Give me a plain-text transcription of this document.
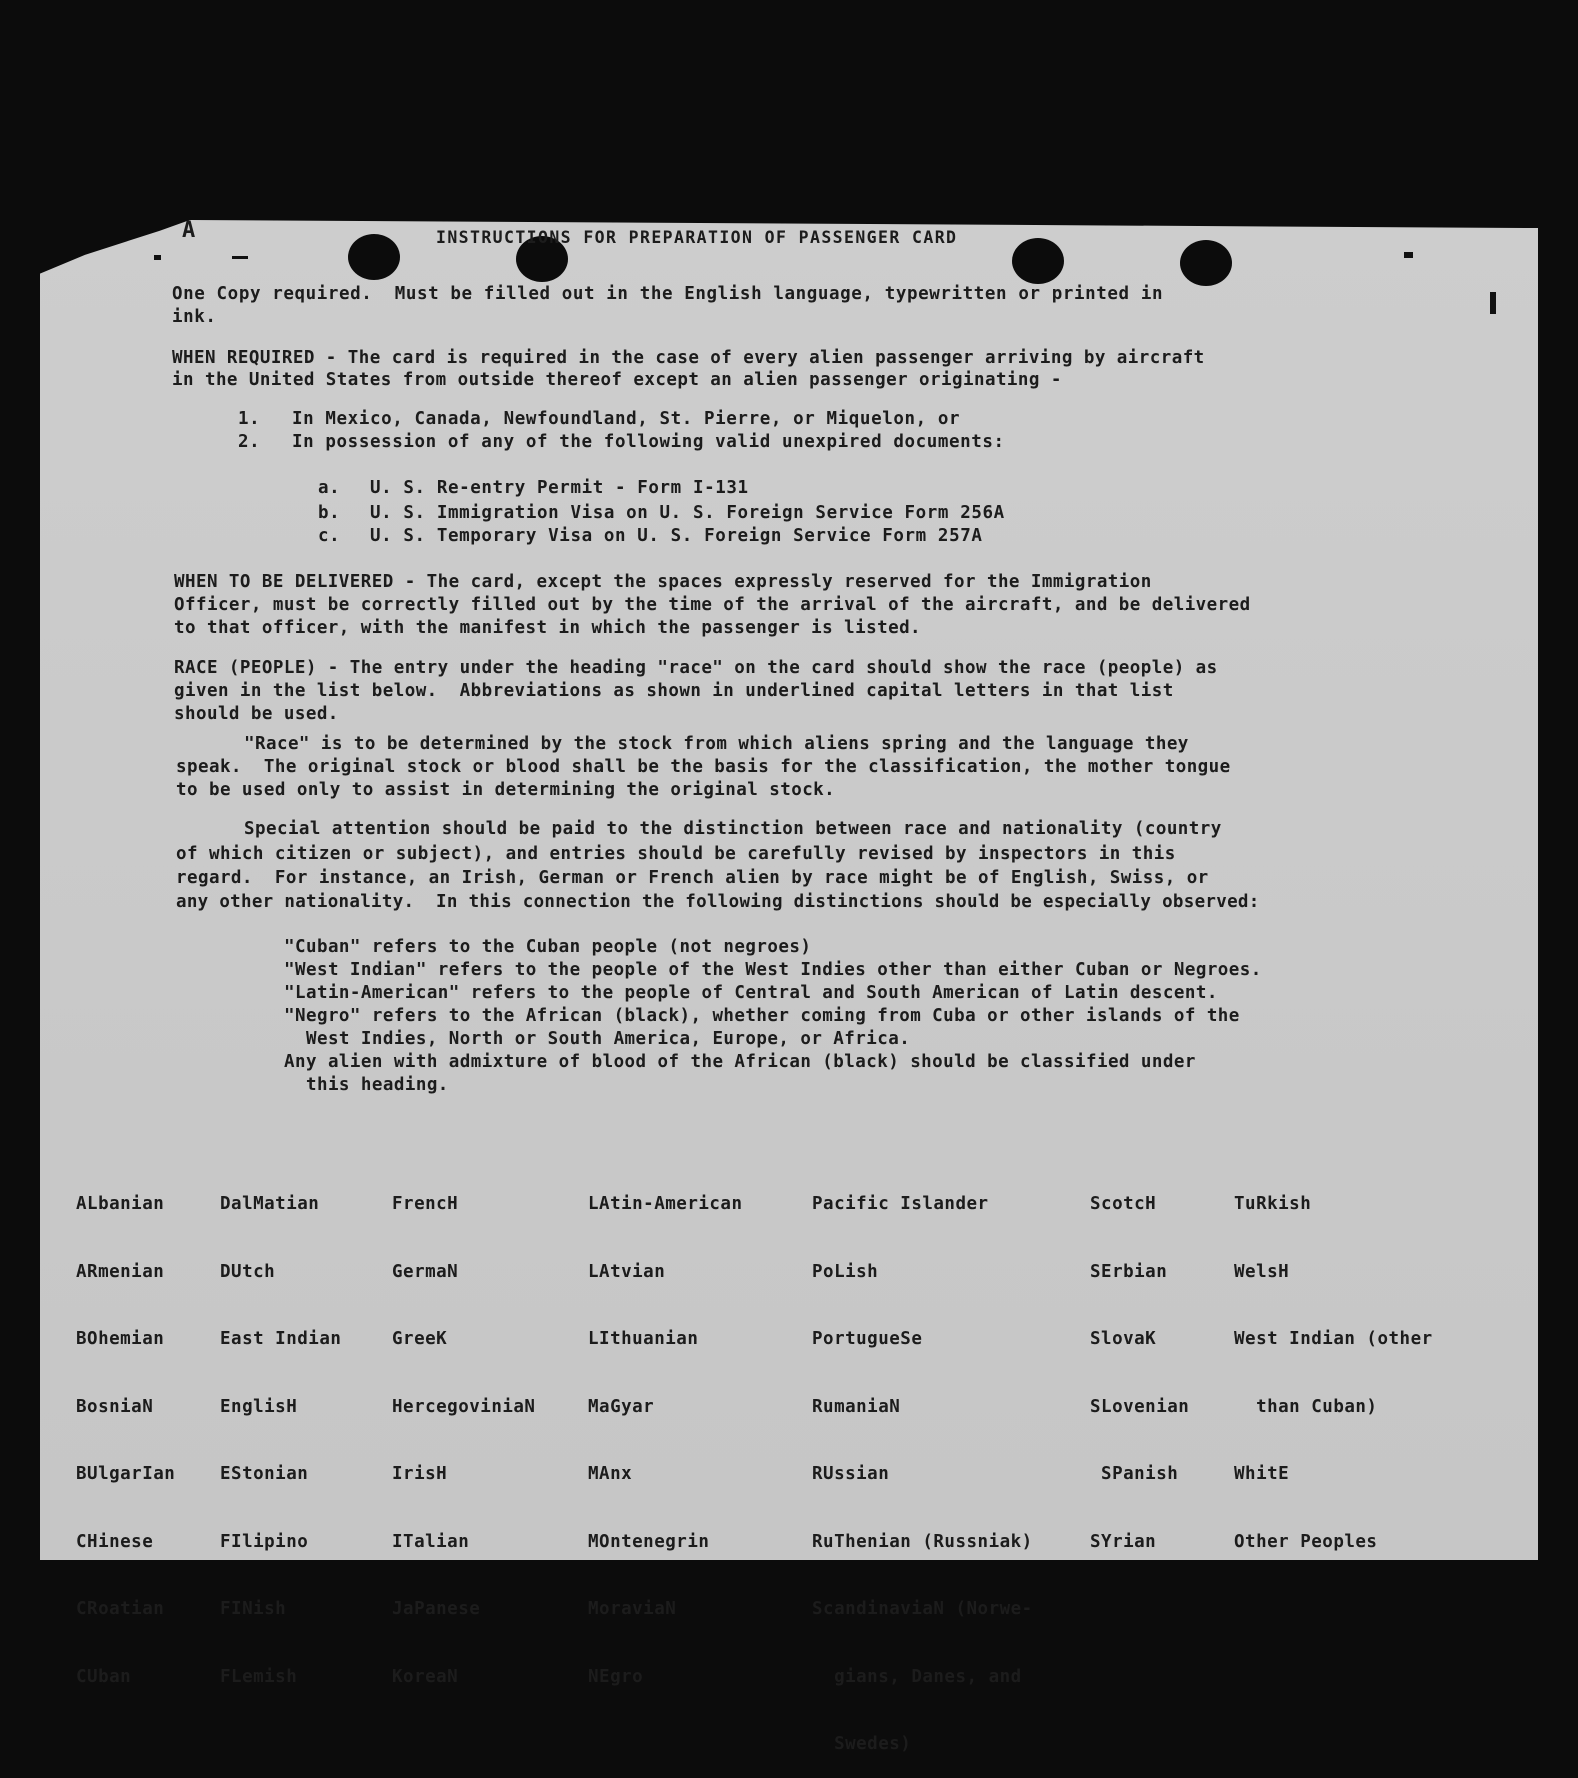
A	INSTRUCTIONS FOR PREPARATION OF PASSENGER CARD
One Copy required.  Must be filled out in the English language, typewritten or printed in
ink.
WHEN REQUIRED - The card is required in the case of every alien passenger arriving by aircraft
in the United States from outside thereof except an alien passenger originating -
1. In Mexico, Canada, Newfoundland, St. Pierre, or Miquelon, or
2. In possession of any of the following valid unexpired documents:
a. U. S. Re-entry Permit - Form I-131
b. U. S. Immigration Visa on U. S. Foreign Service Form 256A
c. U. S. Temporary Visa on U. S. Foreign Service Form 257A
WHEN TO BE DELIVERED - The card, except the spaces expressly reserved for the Immigration
Officer, must be correctly filled out by the time of the arrival of the aircraft, and be delivered
to that officer, with the manifest in which the passenger is listed.
RACE (PEOPLE) - The entry under the heading "race" on the card should show the race (people) as
given in the list below.  Abbreviations as shown in underlined capital letters in that list
should be used.
"Race" is to be determined by the stock from which aliens spring and the language they
speak.  The original stock or blood shall be the basis for the classification, the mother tongue
to be used only to assist in determining the original stock.
Special attention should be paid to the distinction between race and nationality (country
of which citizen or subject), and entries should be carefully revised by inspectors in this
regard.  For instance, an Irish, German or French alien by race might be of English, Swiss, or
any other nationality.  In this connection the following distinctions should be especially observed:
"Cuban" refers to the Cuban people (not negroes)
"West Indian" refers to the people of the West Indies other than either Cuban or Negroes.
"Latin-American" refers to the people of Central and South American of Latin descent.
"Negro" refers to the African (black), whether coming from Cuba or other islands of the
West Indies, North or South America, Europe, or Africa.
Any alien with admixture of blood of the African (black) should be classified under
this heading.

ALbanian

ARmenian

BOhemian

BosniaN

BUlgarIan

CHinese

CRoatian

CUban

DalMatian

DUtch

East Indian

EnglisH

EStonian

FIlipino

FINish

FLemish

FrencH

GermaN

GreeK

HercegoviniaN

IrisH

ITalian

JaPanese

KoreaN

LAtin-American

LAtvian

LIthuanian

MaGyar

MAnx

MOntenegrin

MoraviaN

NEgro

Pacific Islander

PoLish

PortugueSe

RumaniaN

RUssian

RuThenian (Russniak)

ScandinaviaN (Norwe-

gians, Danes, and

Swedes)

ScotcH

SErbian

SlovaK

SLovenian

SPanish

SYrian

TuRkish

WelsH

West Indian (other

than Cuban)

WhitE

Other Peoples
